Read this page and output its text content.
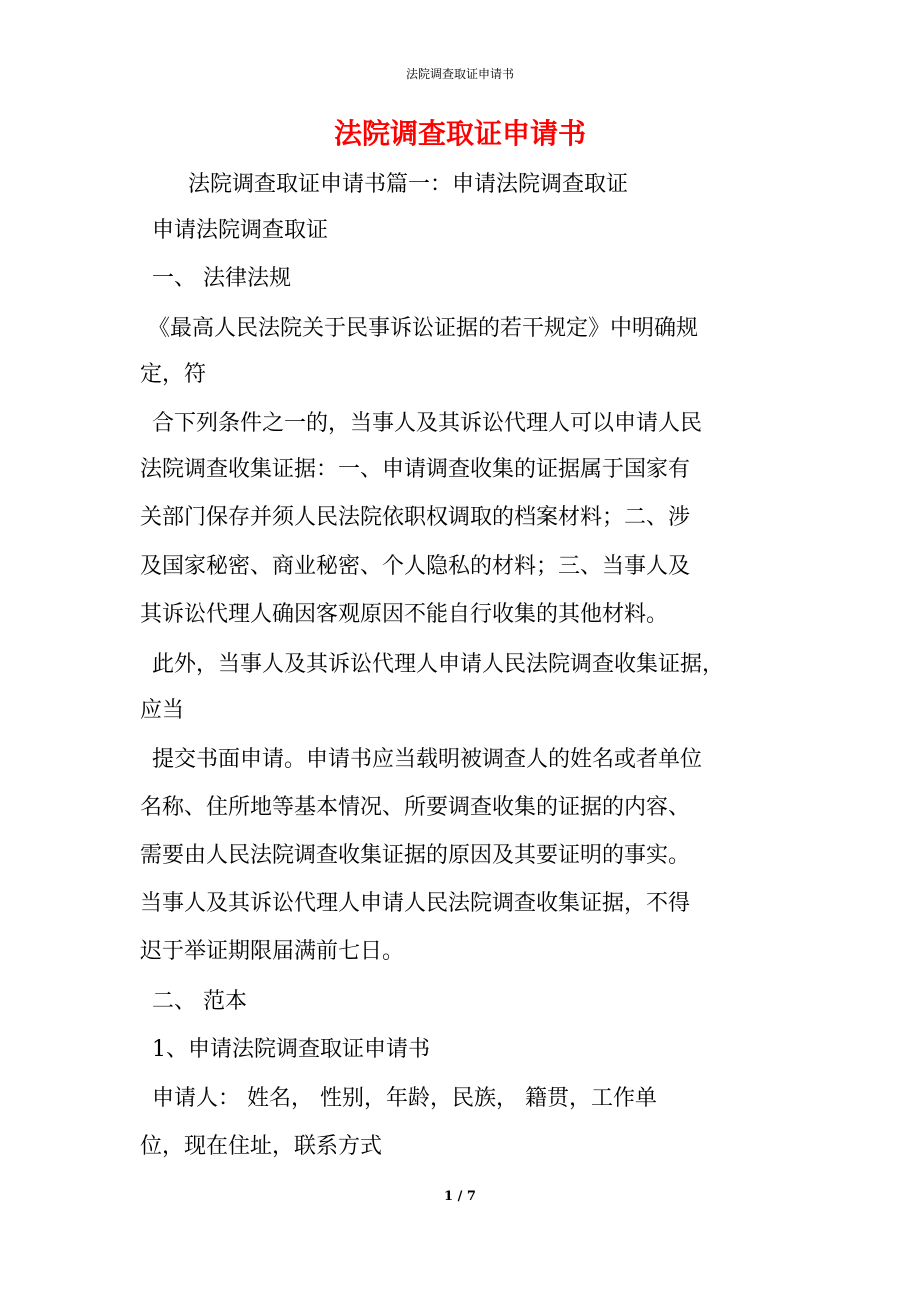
法院调查取证申请书
法院调查取证申请书
法院调查取证申请书篇一：申请法院调查取证
申请法院调查取证
一、 法律法规
《最高人民法院关于民事诉讼证据的若干规定》中明确规
定，符
合下列条件之一的，当事人及其诉讼代理人可以申请人民
法院调查收集证据：一、申请调查收集的证据属于国家有
关部门保存并须人民法院依职权调取的档案材料；二、涉
及国家秘密、商业秘密、个人隐私的材料；三、当事人及
其诉讼代理人确因客观原因不能自行收集的其他材料。
此外，当事人及其诉讼代理人申请人民法院调查收集证据，
应当
提交书面申请。申请书应当载明被调查人的姓名或者单位
名称、住所地等基本情况、所要调查收集的证据的内容、
需要由人民法院调查收集证据的原因及其要证明的事实。
当事人及其诉讼代理人申请人民法院调查收集证据，不得
迟于举证期限届满前七日。
二、 范本
1、申请法院调查取证申请书
申请人： 姓名， 性别，年龄，民族， 籍贯，工作单
位，现在住址，联系方式
1 / 7
